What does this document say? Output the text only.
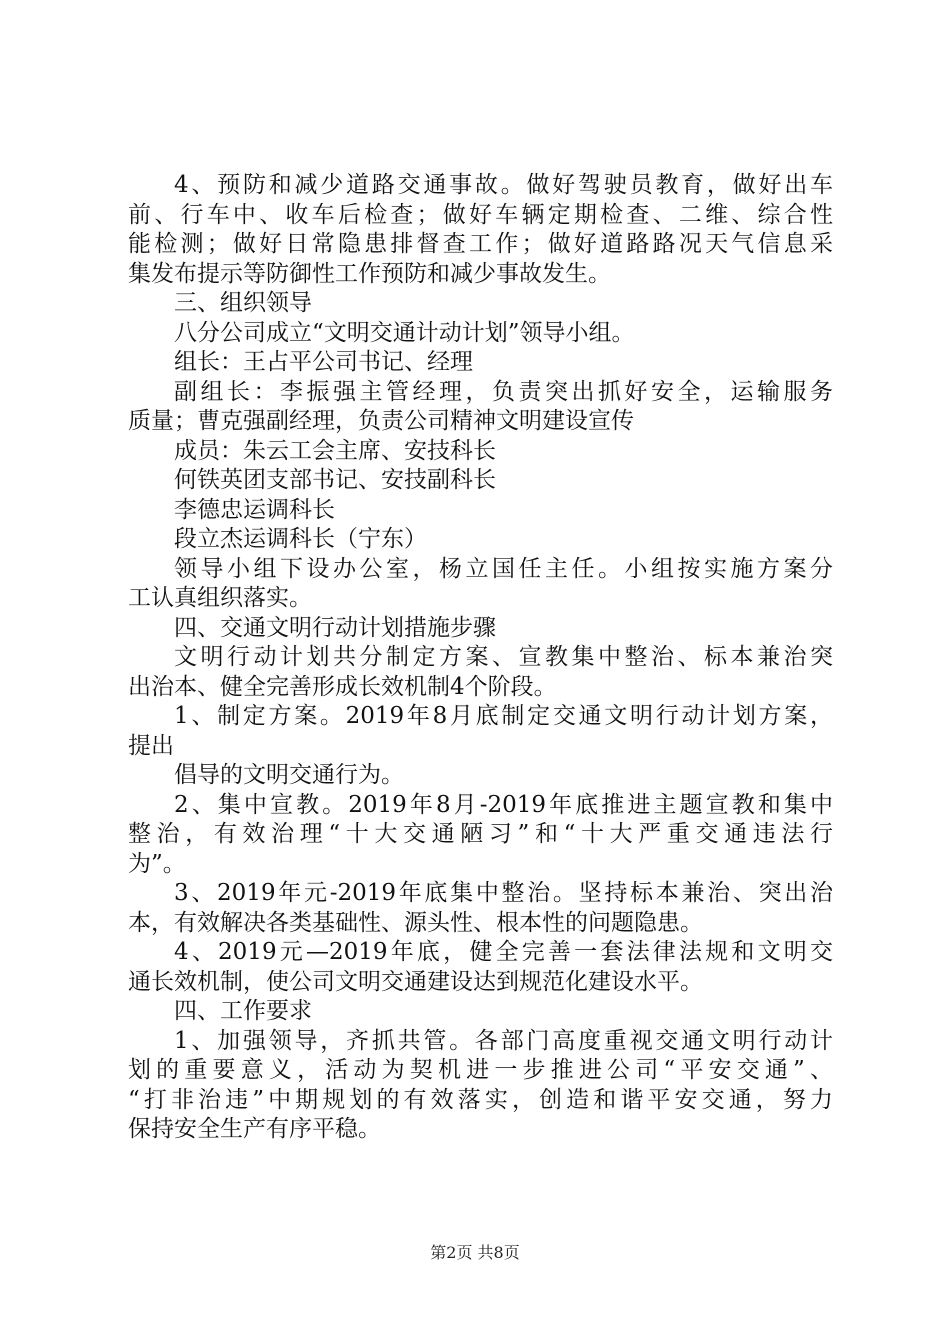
4、预防和减少道路交通事故。做好驾驶员教育，做好出车
前、行车中、收车后检查；做好车辆定期检查、二维、综合性
能检测；做好日常隐患排督查工作；做好道路路况天气信息采
集发布提示等防御性工作预防和减少事故发生。
三、组织领导
八分公司成立“文明交通计动计划”领导小组。
组长：王占平公司书记、经理
副组长：李振强主管经理，负责突出抓好安全，运输服务
质量；曹克强副经理，负责公司精神文明建设宣传
成员：朱云工会主席、安技科长
何铁英团支部书记、安技副科长
李德忠运调科长
段立杰运调科长（宁东）
领导小组下设办公室，杨立国任主任。小组按实施方案分
工认真组织落实。
四、交通文明行动计划措施步骤
文明行动计划共分制定方案、宣教集中整治、标本兼治突
出治本、健全完善形成长效机制4个阶段。
1、制定方案。2019年8月底制定交通文明行动计划方案，
提出
倡导的文明交通行为。
2、集中宣教。2019年8月-2019年底推进主题宣教和集中
整治，有效治理“十大交通陋习”和“十大严重交通违法行
为”。
3、2019年元-2019年底集中整治。坚持标本兼治、突出治
本，有效解决各类基础性、源头性、根本性的问题隐患。
4、2019元—2019年底，健全完善一套法律法规和文明交
通长效机制，使公司文明交通建设达到规范化建设水平。
四、工作要求
1、加强领导，齐抓共管。各部门高度重视交通文明行动计
划的重要意义，活动为契机进一步推进公司“平安交通”、
“打非治违”中期规划的有效落实，创造和谐平安交通，努力
保持安全生产有序平稳。
第2页 共8页
